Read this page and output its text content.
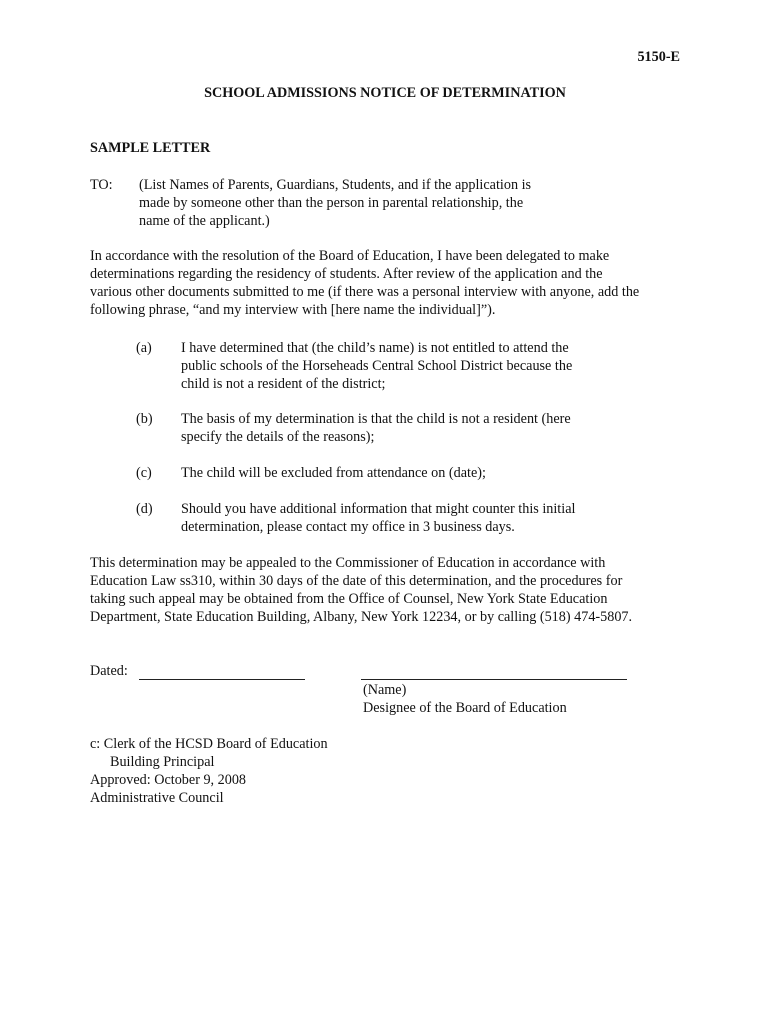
5150-E

SCHOOL ADMISSIONS NOTICE OF DETERMINATION

SAMPLE LETTER

TO: (List Names of Parents, Guardians, Students, and if the application is
made by someone other than the person in parental relationship, the
name of the applicant.)
In accordance with the resolution of the Board of Education, I have been delegated to make
determinations regarding the residency of students. After review of the application and the
various other documents submitted to me (if there was a personal interview with anyone, add the
following phrase, “and my interview with [here name the individual]”).

(a) I have determined that (the child’s name) is not entitled to attend the
public schools of the Horseheads Central School District because the
child is not a resident of the district;

(b) The basis of my determination is that the child is not a resident (here
specify the details of the reasons);

(c) The child will be excluded from attendance on (date);

(d) Should you have additional information that might counter this initial
determination, please contact my office in 3 business days.
This determination may be appealed to the Commissioner of Education in accordance with
Education Law ss310, within 30 days of the date of this determination, and the procedures for
taking such appeal may be obtained from the Office of Counsel, New York State Education
Department, State Education Building, Albany, New York 12234, or by calling (518) 474-5807.

Dated:

(Name)

Designee of the Board of Education

c: Clerk of the HCSD Board of Education
Building Principal
Approved: October 9, 2008
Administrative Council
